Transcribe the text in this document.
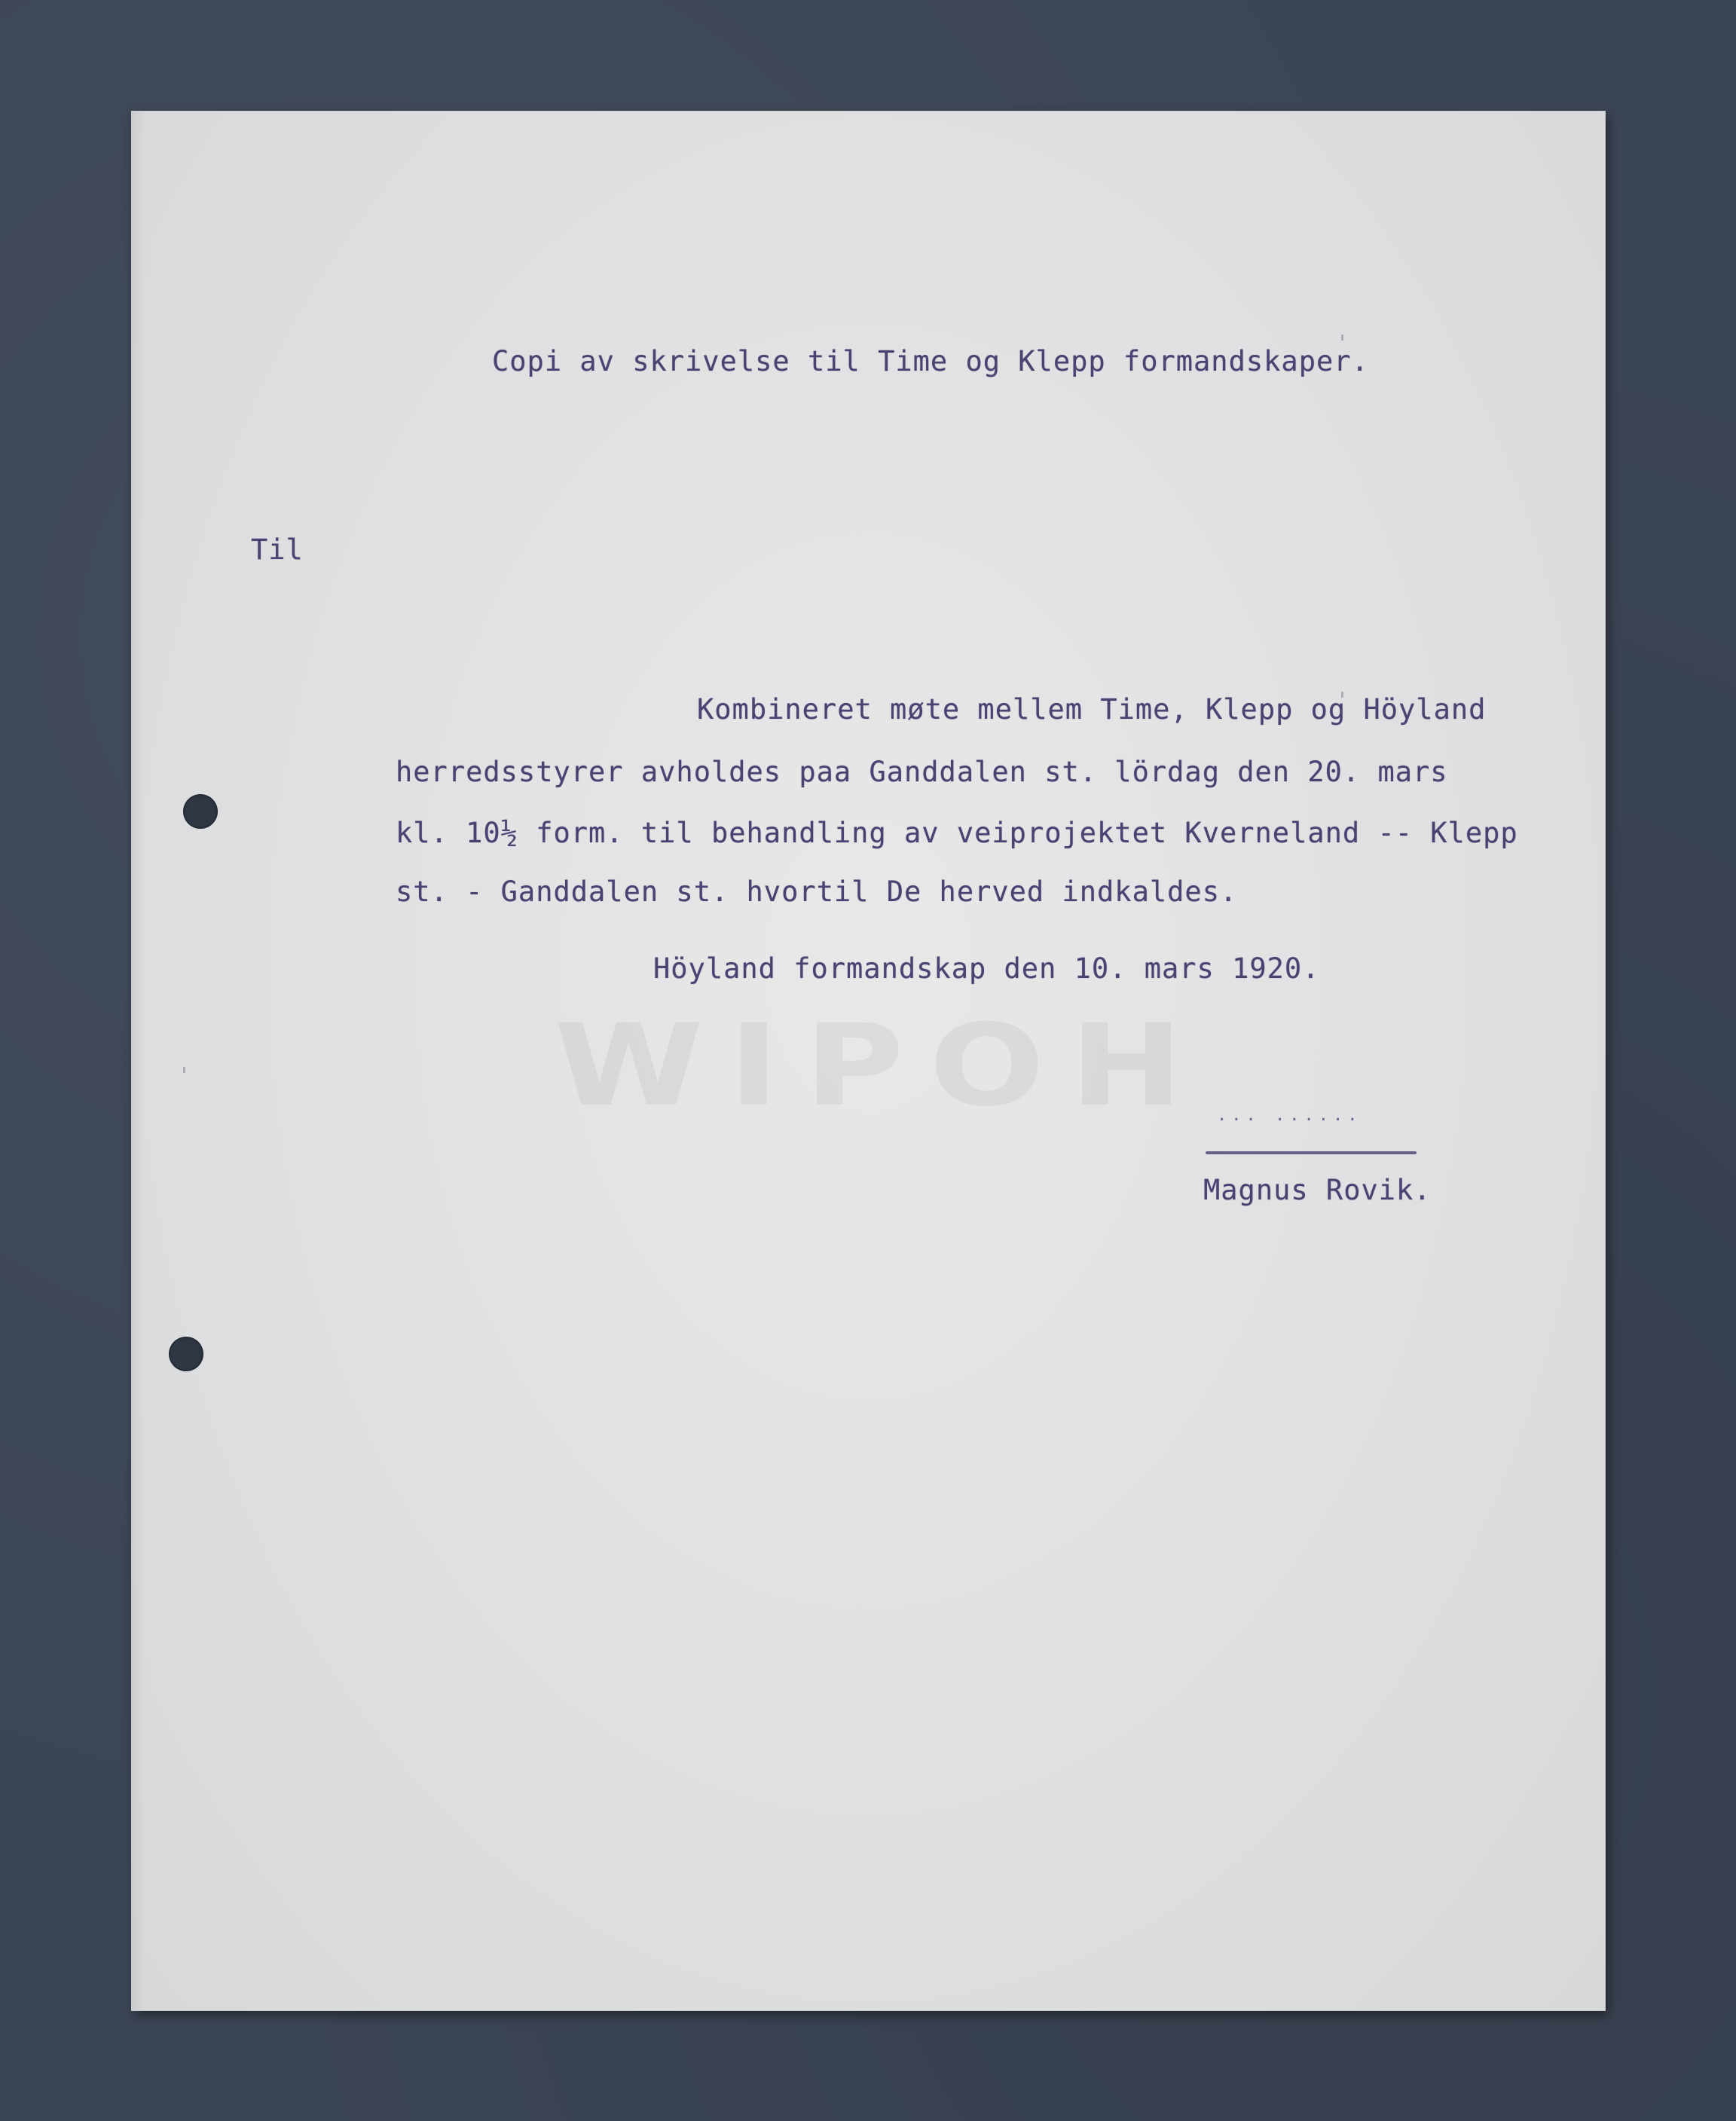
WIPOH
Copi av skrivelse til Time og Klepp formandskaper.
Til
Kombineret møte mellem Time, Klepp og Höyland
herredsstyrer avholdes paa Ganddalen st. lördag den 20. mars
kl. 10½ form. til behandling av veiprojektet Kverneland -- Klepp
st. - Ganddalen st. hvortil De herved indkaldes.
Höyland formandskap den 10. mars 1920.
... ......
Magnus Rovik.
